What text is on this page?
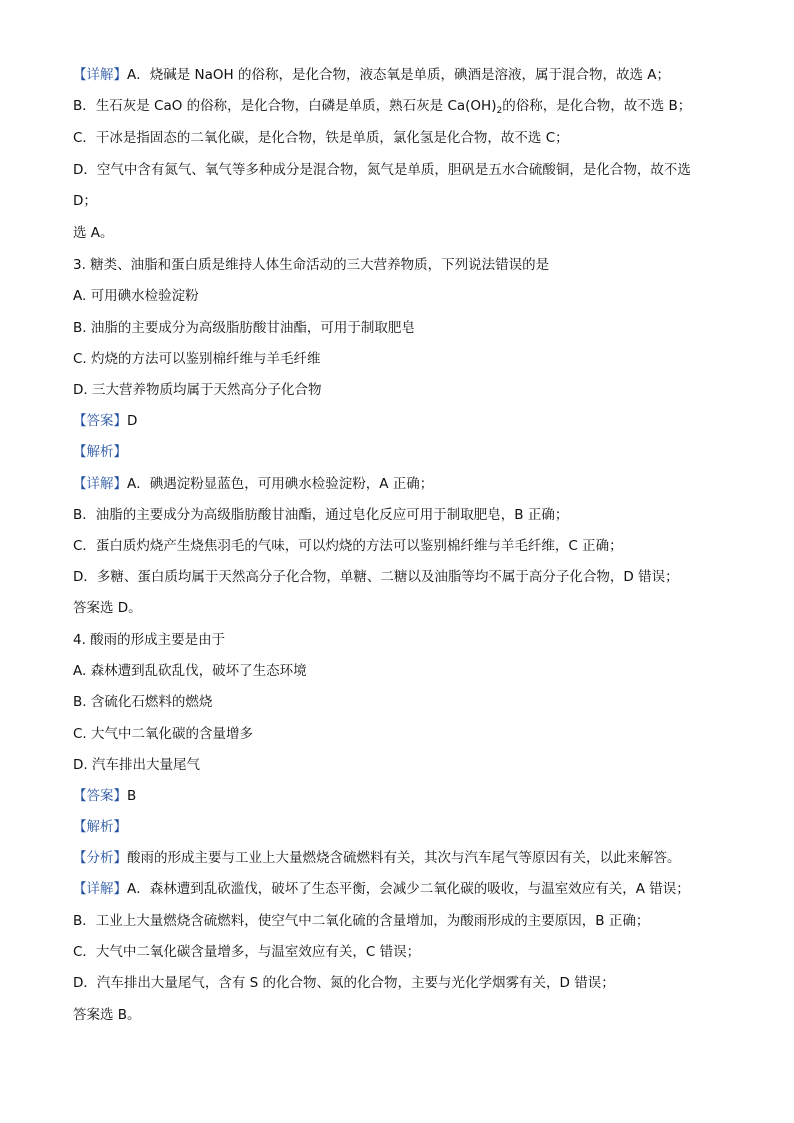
【详解】A．烧碱是 NaOH 的俗称，是化合物，液态氧是单质，碘酒是溶液，属于混合物，故选 A；
B．生石灰是 CaO 的俗称，是化合物，白磷是单质，熟石灰是 $Ca(OH)_2$的俗称，是化合物，故不选 B；
C．干冰是指固态的二氧化碳，是化合物，铁是单质，氯化氢是化合物，故不选 C；
D．空气中含有氮气、氧气等多种成分是混合物，氮气是单质，胆矾是五水合硫酸铜，是化合物，故不选
D；
选 A。
3. 糖类、油脂和蛋白质是维持人体生命活动的三大营养物质，下列说法错误的是
A. 可用碘水检验淀粉
B. 油脂的主要成分为高级脂肪酸甘油酯，可用于制取肥皂
C. 灼烧的方法可以鉴别棉纤维与羊毛纤维
D. 三大营养物质均属于天然高分子化合物
【答案】D
【解析】
【详解】A．碘遇淀粉显蓝色，可用碘水检验淀粉，A 正确；
B．油脂的主要成分为高级脂肪酸甘油酯，通过皂化反应可用于制取肥皂，B 正确；
C．蛋白质灼烧产生烧焦羽毛的气味，可以灼烧的方法可以鉴别棉纤维与羊毛纤维，C 正确；
D．多糖、蛋白质均属于天然高分子化合物，单糖、二糖以及油脂等均不属于高分子化合物，D 错误；
答案选 D。
4. 酸雨的形成主要是由于
A. 森林遭到乱砍乱伐，破坏了生态环境
B. 含硫化石燃料的燃烧
C. 大气中二氧化碳的含量增多
D. 汽车排出大量尾气
【答案】B
【解析】
【分析】酸雨的形成主要与工业上大量燃烧含硫燃料有关，其次与汽车尾气等原因有关，以此来解答。
【详解】A．森林遭到乱砍滥伐，破坏了生态平衡，会减少二氧化碳的吸收，与温室效应有关，A 错误；
B．工业上大量燃烧含硫燃料，使空气中二氧化硫的含量增加，为酸雨形成的主要原因，B 正确；
C．大气中二氧化碳含量增多，与温室效应有关，C 错误；
D．汽车排出大量尾气，含有 S 的化合物、氮的化合物，主要与光化学烟雾有关，D 错误；
答案选 B。
